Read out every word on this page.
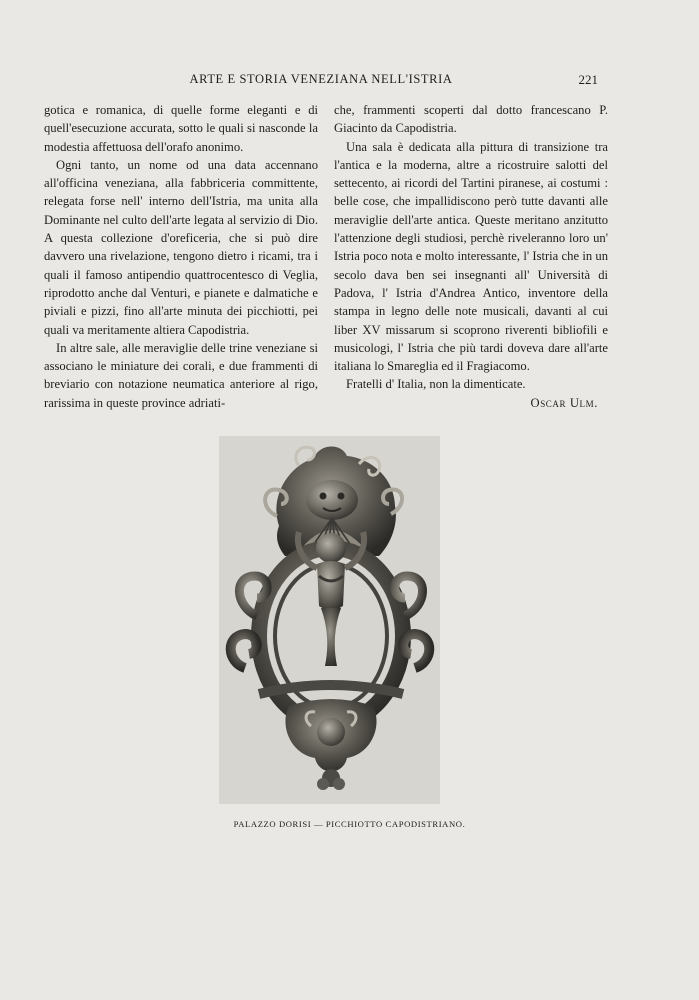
ARTE E STORIA VENEZIANA NELL'ISTRIA	221

gotica e romanica, di quelle forme eleganti e di quell'esecuzione accurata, sotto le quali si nasconde la modestia affettuosa dell'orafo anonimo.

Ogni tanto, un nome od una data accennano all'officina veneziana, alla fabbriceria committente, relegata forse nell' interno dell'Istria, ma unita alla Dominante nel culto dell'arte legata al servizio di Dio. A questa collezione d'oreficeria, che si può dire davvero una rivelazione, tengono dietro i ricami, tra i quali il famoso antipendio quattrocentesco di Veglia, riprodotto anche dal Venturi, e pianete e dalmatiche e piviali e pizzi, fino all'arte minuta dei picchiotti, pei quali va meritamente altiera Capodistria.

In altre sale, alle meraviglie delle trine veneziane si associano le miniature dei corali, e due frammenti di breviario con notazione neumatica anteriore al rigo, rarissima in queste province adriati-

che, frammenti scoperti dal dotto francescano P. Giacinto da Capodistria.

Una sala è dedicata alla pittura di transizione tra l'antica e la moderna, altre a ricostruire salotti del settecento, ai ricordi del Tartini piranese, ai costumi : belle cose, che impallidiscono però tutte davanti alle meraviglie dell'arte antica. Queste meritano anzitutto l'attenzione degli studiosi, perchè riveleranno loro un' Istria poco nota e molto interessante, l' Istria che in un secolo dava ben sei insegnanti all' Università di Padova, l' Istria d'Andrea Antico, inventore della stampa in legno delle note musicali, davanti al cui liber XV missarum si scoprono riverenti bibliofili e musicologi, l' Istria che più tardi doveva dare all'arte italiana lo Smareglia ed il Fragiacomo.

Fratelli d' Italia, non la dimenticate.

Oscar Ulm.

PALAZZO DORISI — PICCHIOTTO CAPODISTRIANO.
